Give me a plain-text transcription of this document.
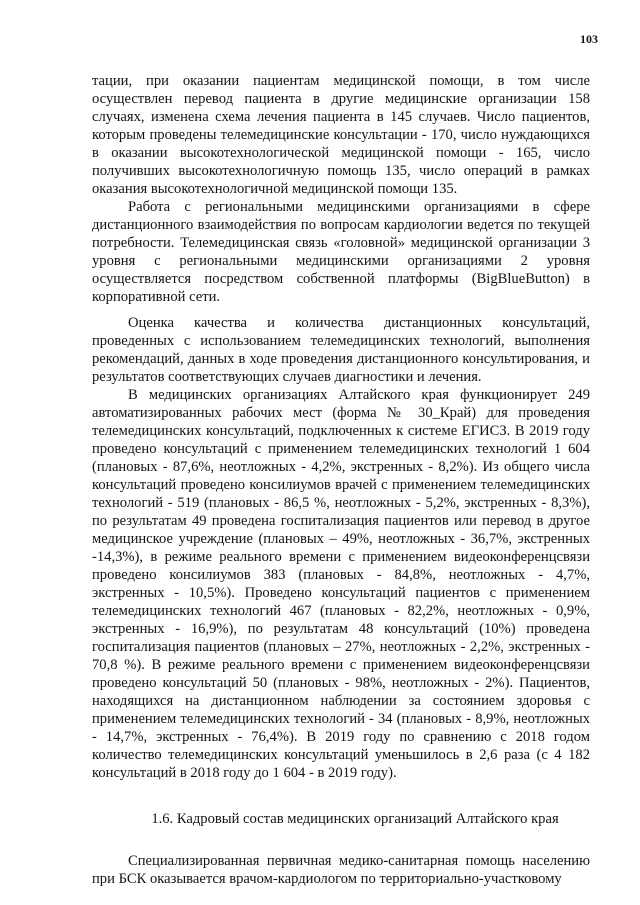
103

тации, при оказании пациентам медицинской помощи, в том числе осуществлен перевод пациента в другие медицинские организации 158 случаях, изменена схема лечения пациента в 145 случаев. Число пациентов, которым проведены телемедицинские консультации - 170, число нуждающихся в оказании высокотехнологической медицинской помощи - 165, число получивших высокотехнологичную помощь 135, число операций в рамках оказания высокотехнологичной медицинской помощи 135.

Работа с региональными медицинскими организациями в сфере дистанционного взаимодействия по вопросам кардиологии ведется по текущей потребности. Телемедицинская связь «головной» медицинской организации 3 уровня с региональными медицинскими организациями 2 уровня осуществляется посредством собственной платформы (BigBlueButton) в корпоративной сети.

Оценка качества и количества дистанционных консультаций, проведенных с использованием телемедицинских технологий, выполнения рекомендаций, данных в ходе проведения дистанционного консультирования, и результатов соответствующих случаев диагностики и лечения.

В медицинских организациях Алтайского края функционирует 249 автоматизированных рабочих мест (форма № 30_Край) для проведения телемедицинских консультаций, подключенных к системе ЕГИСЗ. В 2019 году проведено консультаций с применением телемедицинских технологий 1 604 (плановых - 87,6%, неотложных - 4,2%, экстренных - 8,2%). Из общего числа консультаций проведено консилиумов врачей с применением телемедицинских технологий - 519 (плановых - 86,5 %, неотложных - 5,2%, экстренных - 8,3%), по результатам 49 проведена госпитализация пациентов или перевод в другое медицинское учреждение (плановых – 49%, неотложных - 36,7%, экстренных -14,3%), в режиме реального времени с применением видеоконференцсвязи проведено консилиумов 383 (плановых - 84,8%, неотложных - 4,7%, экстренных - 10,5%). Проведено консультаций пациентов с применением телемедицинских технологий 467 (плановых - 82,2%, неотложных - 0,9%, экстренных - 16,9%), по результатам 48 консультаций (10%) проведена госпитализация пациентов (плановых – 27%, неотложных - 2,2%, экстренных - 70,8 %). В режиме реального времени с применением видеоконференцсвязи проведено консультаций 50 (плановых - 98%, неотложных - 2%). Пациентов, находящихся на дистанционном наблюдении за состоянием здоровья с применением телемедицинских технологий - 34 (плановых - 8,9%, неотложных - 14,7%, экстренных - 76,4%). В 2019 году по сравнению с 2018 годом количество телемедицинских консультаций уменьшилось в 2,6 раза (с 4 182 консультаций в 2018 году до 1 604 - в 2019 году).

1.6. Кадровый состав медицинских организаций Алтайского края

Специализированная первичная медико-санитарная помощь населению при БСК оказывается врачом-кардиологом по территориально-участковому
